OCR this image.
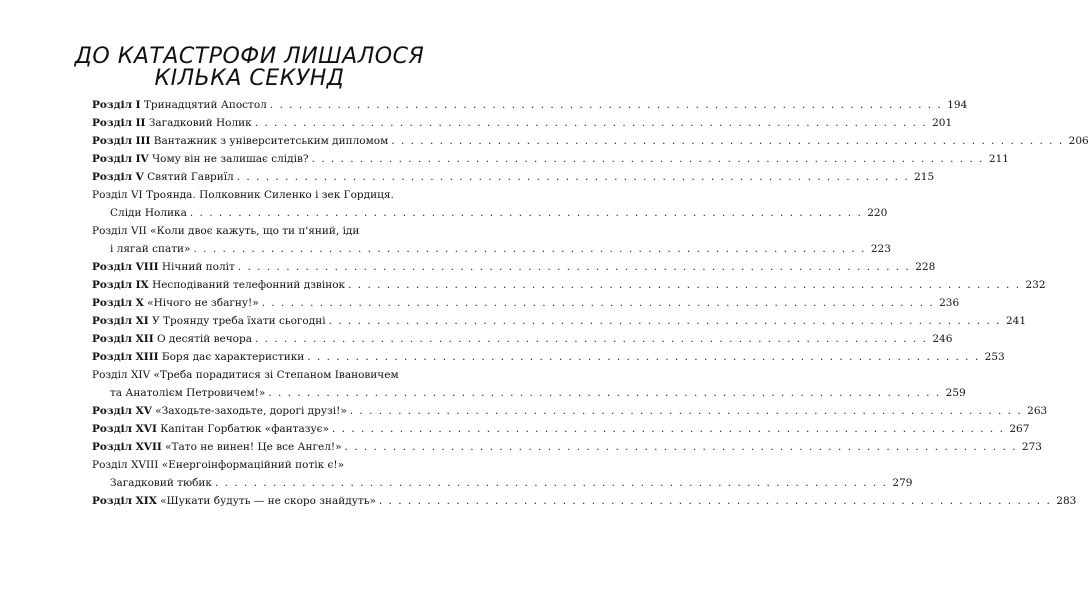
ДО КАТАСТРОФИ ЛИШАЛОСЯ
КІЛЬКА СЕКУНД
Розділ I Тринадцятий Апостол . . .	194
Розділ II Загадковий Нолик . . .	201
Розділ III Вантажник з університетським дипломом . . .	206
Розділ IV Чому він не залишає слідів? . . .	211
Розділ V Святий Гавриїл . . .	215
Розділ VI Троянда. Полковник Силенко і зек Гордиця.
Сліди Нолика . . .	220
Розділ VII «Коли двоє кажуть, що ти п'яний, іди
і лягай спати» . . .	223
Розділ VIII Нічний політ . . .	228
Розділ IX Несподіваний телефонний дзвінок . . .	232
Розділ X «Нічого не збагну!» . . .	236
Розділ XI У Троянду треба їхати сьогодні . . .	241
Розділ XII О десятій вечора . . .	246
Розділ XIII Боря дає характеристики . . .	253
Розділ XIV «Треба порадитися зі Степаном Івановичем
та Анатолієм Петровичем!» . . .	259
Розділ XV «Заходьте-заходьте, дорогі друзі!» . . .	263
Розділ XVI Капітан Горбатюк «фантазує» . . .	267
Розділ XVII «Тато не винен! Це все Ангел!» . . .	273
Розділ XVIII «Енергоінформаційний потік є!»
Загадковий тюбик . . .	279
Розділ XIX «Шукати будуть — не скоро знайдуть» . . .	283
